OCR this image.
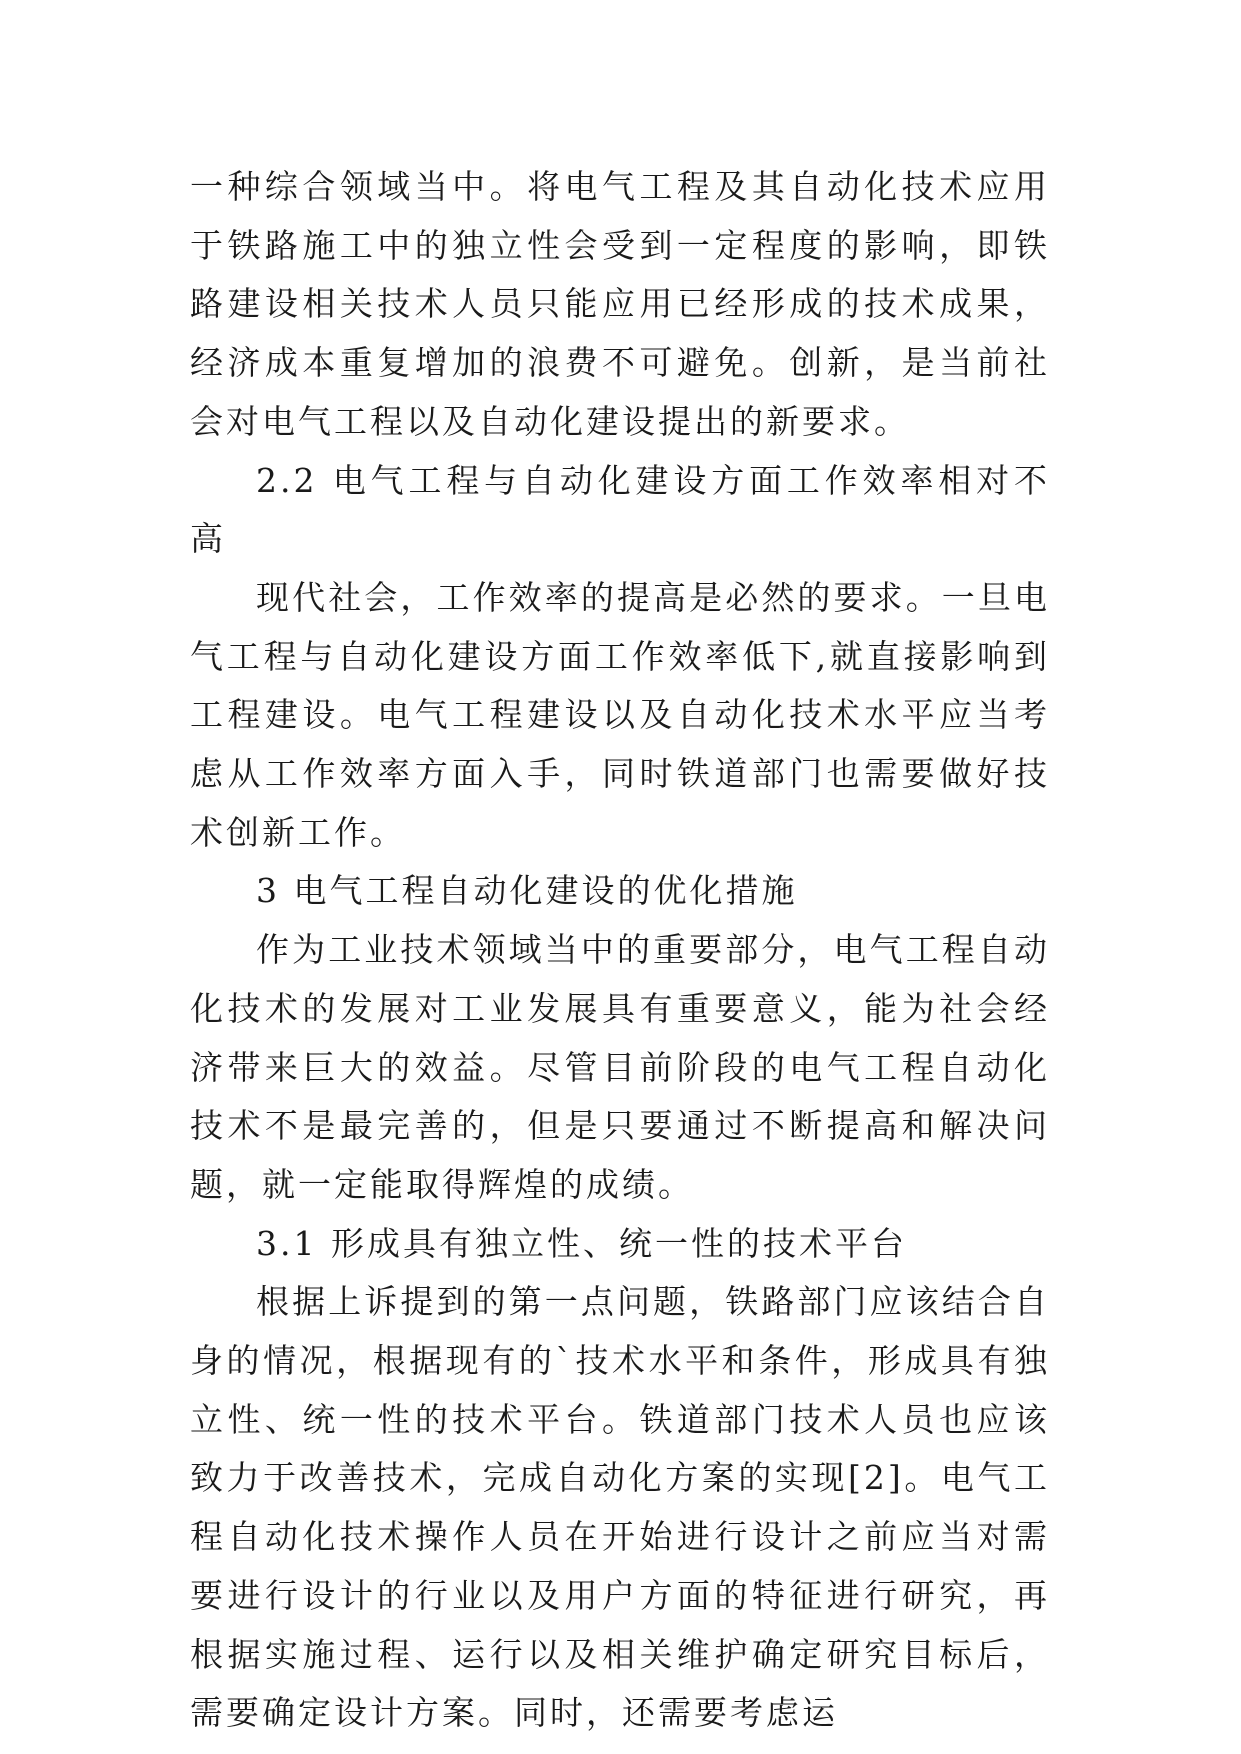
一种综合领域当中。将电气工程及其自动化技术应用于铁路施工中的独立性会受到一定程度的影响，即铁路建设相关技术人员只能应用已经形成的技术成果，经济成本重复增加的浪费不可避免。创新，是当前社会对电气工程以及自动化建设提出的新要求。

2.2 电气工程与自动化建设方面工作效率相对不高

现代社会，工作效率的提高是必然的要求。一旦电气工程与自动化建设方面工作效率低下,就直接影响到工程建设。电气工程建设以及自动化技术水平应当考虑从工作效率方面入手，同时铁道部门也需要做好技术创新工作。

3 电气工程自动化建设的优化措施

作为工业技术领域当中的重要部分，电气工程自动化技术的发展对工业发展具有重要意义，能为社会经济带来巨大的效益。尽管目前阶段的电气工程自动化技术不是最完善的，但是只要通过不断提高和解决问题，就一定能取得辉煌的成绩。

3.1 形成具有独立性、统一性的技术平台

根据上诉提到的第一点问题，铁路部门应该结合自身的情况，根据现有的`技术水平和条件，形成具有独立性、统一性的技术平台。铁道部门技术人员也应该致力于改善技术，完成自动化方案的实现[2]。电气工程自动化技术操作人员在开始进行设计之前应当对需要进行设计的行业以及用户方面的特征进行研究，再根据实施过程、运行以及相关维护确定研究目标后，需要确定设计方案。同时，还需要考虑运
